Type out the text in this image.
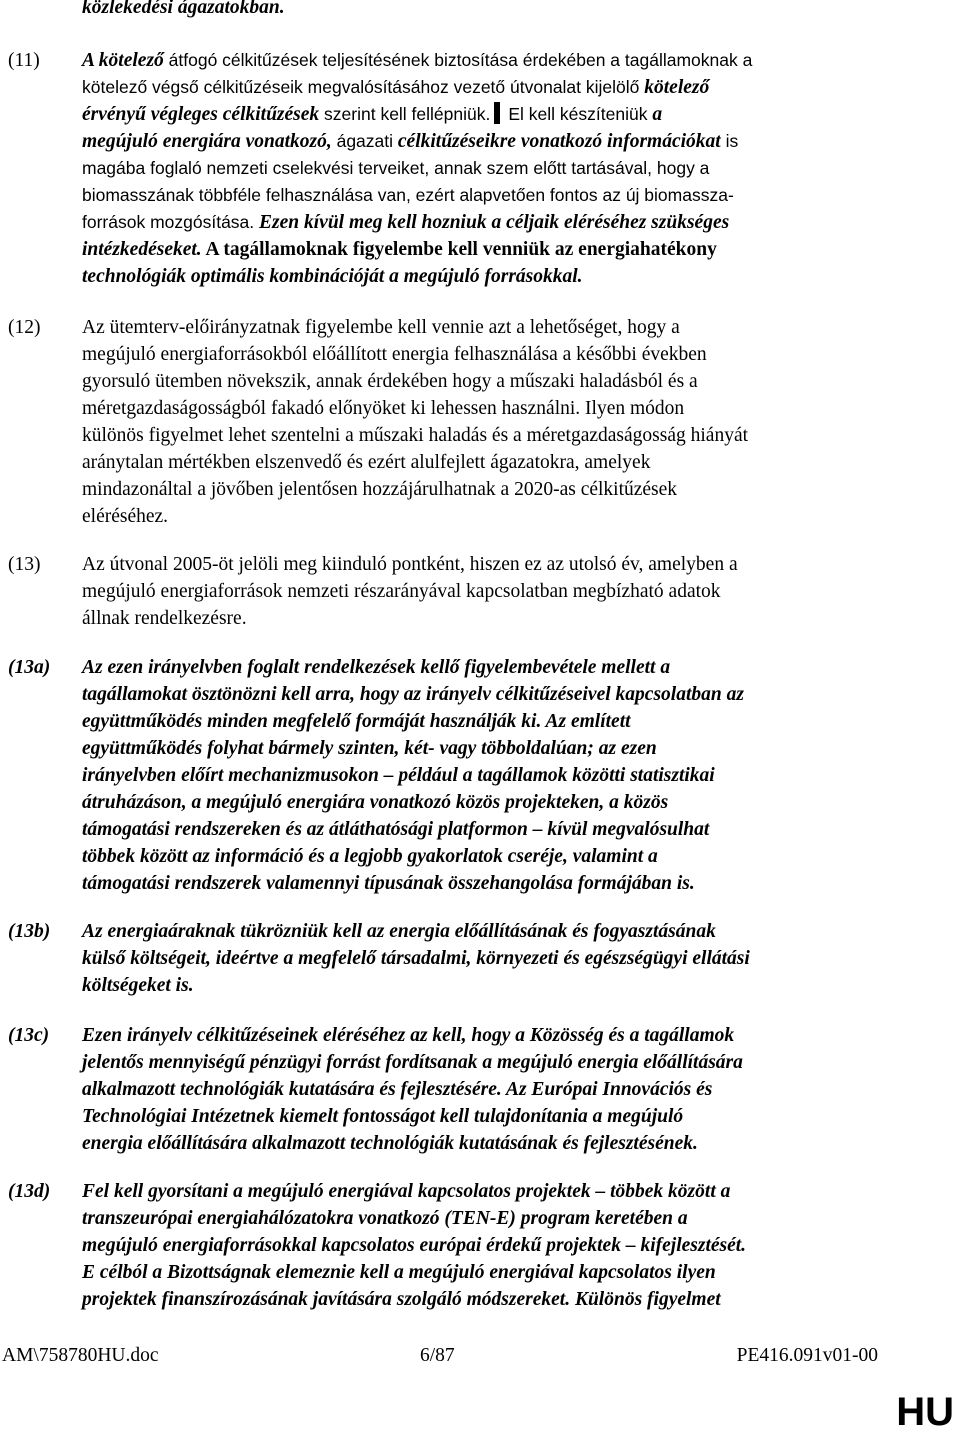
közlekedési ágazatokban.
(11) A kötelező átfogó célkitűzések teljesítésének biztosítása érdekében a tagállamoknak a
kötelező végső célkitűzéseik megvalósításához vezető útvonalat kijelölő kötelező
érvényű végleges célkitűzések szerint kell fellépniük. El kell készíteniük a
megújuló energiára vonatkozó, ágazati célkitűzéseikre vonatkozó információkat is
magába foglaló nemzeti cselekvési terveiket, annak szem előtt tartásával, hogy a
biomasszának többféle felhasználása van, ezért alapvetően fontos az új biomassza-
források mozgósítása. Ezen kívül meg kell hozniuk a céljaik eléréséhez szükséges
intézkedéseket. A tagállamoknak figyelembe kell venniük az energiahatékony
technológiák optimális kombinációját a megújuló forrásokkal.
(12) Az ütemterv-előirányzatnak figyelembe kell vennie azt a lehetőséget, hogy a
megújuló energiaforrásokból előállított energia felhasználása a későbbi években
gyorsuló ütemben növekszik, annak érdekében hogy a műszaki haladásból és a
méretgazdaságosságból fakadó előnyöket ki lehessen használni. Ilyen módon
különös figyelmet lehet szentelni a műszaki haladás és a méretgazdaságosság hiányát
aránytalan mértékben elszenvedő és ezért alulfejlett ágazatokra, amelyek
mindazonáltal a jövőben jelentősen hozzájárulhatnak a 2020-as célkitűzések
eléréséhez.
(13) Az útvonal 2005-öt jelöli meg kiinduló pontként, hiszen ez az utolsó év, amelyben a
megújuló energiaforrások nemzeti részarányával kapcsolatban megbízható adatok
állnak rendelkezésre.
(13a) Az ezen irányelvben foglalt rendelkezések kellő figyelembevétele mellett a
tagállamokat ösztönözni kell arra, hogy az irányelv célkitűzéseivel kapcsolatban az
együttműködés minden megfelelő formáját használják ki. Az említett
együttműködés folyhat bármely szinten, két- vagy többoldalúan; az ezen
irányelvben előírt mechanizmusokon – például a tagállamok közötti statisztikai
átruházáson, a megújuló energiára vonatkozó közös projekteken, a közös
támogatási rendszereken és az átláthatósági platformon – kívül megvalósulhat
többek között az információ és a legjobb gyakorlatok cseréje, valamint a
támogatási rendszerek valamennyi típusának összehangolása formájában is.
(13b) Az energiaáraknak tükrözniük kell az energia előállításának és fogyasztásának
külső költségeit, ideértve a megfelelő társadalmi, környezeti és egészségügyi ellátási
költségeket is.
(13c) Ezen irányelv célkitűzéseinek eléréséhez az kell, hogy a Közösség és a tagállamok
jelentős mennyiségű pénzügyi forrást fordítsanak a megújuló energia előállítására
alkalmazott technológiák kutatására és fejlesztésére. Az Európai Innovációs és
Technológiai Intézetnek kiemelt fontosságot kell tulajdonítania a megújuló
energia előállítására alkalmazott technológiák kutatásának és fejlesztésének.
(13d) Fel kell gyorsítani a megújuló energiával kapcsolatos projektek – többek között a
transzeurópai energiahálózatokra vonatkozó (TEN-E) program keretében a
megújuló energiaforrásokkal kapcsolatos európai érdekű projektek – kifejlesztését.
E célból a Bizottságnak elemeznie kell a megújuló energiával kapcsolatos ilyen
projektek finanszírozásának javítására szolgáló módszereket. Különös figyelmet
AM\758780HU.doc	6/87	PE416.091v01-00
HU
